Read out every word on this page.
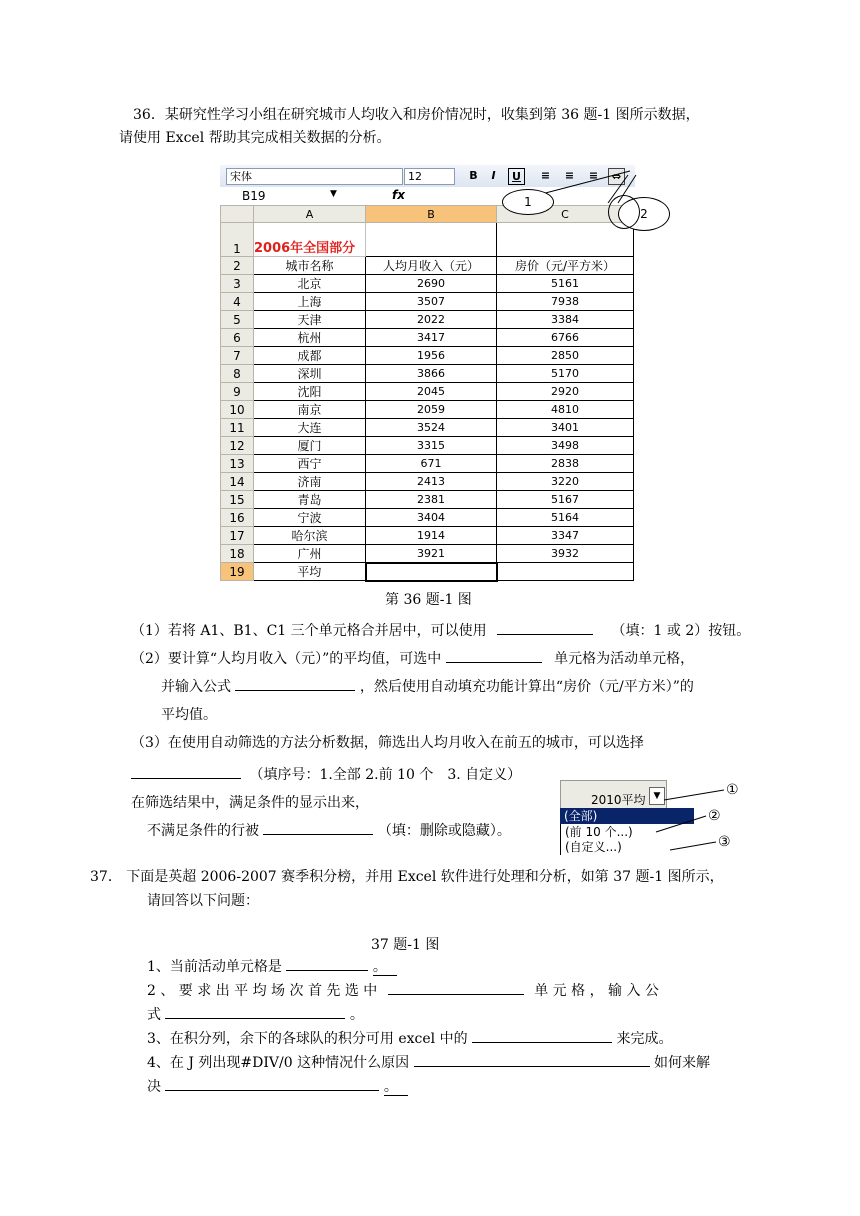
36．某研究性学习小组在研究城市人均收入和房价情况时，收集到第 36 题-1 图所示数据，
请使用 Excel 帮助其完成相关数据的分析。
宋体	12	B	I	U	≡ ≡ ≡	⇔
B19	▼	fx
	A	B	C
1	2006年全国部分		
2	城市名称	人均月收入（元）	房价（元/平方米）
3	北京	2690	5161
4	上海	3507	7938
5	天津	2022	3384
6	杭州	3417	6766
7	成都	1956	2850
8	深圳	3866	5170
9	沈阳	2045	2920
10	南京	2059	4810
11	大连	3524	3401
12	厦门	3315	3498
13	西宁	671	2838
14	济南	2413	3220
15	青岛	2381	5167
16	宁波	3404	5164
17	哈尔滨	1914	3347
18	广州	3921	3932
19	平均		
1
2
第 36 题-1 图
（1）若将 A1、B1、C1 三个单元格合并居中，可以使用	（填：1 或 2）按钮。
（2）要计算“人均月收入（元）”的平均值，可选中	单元格为活动单元格，
并输入公式	，然后使用自动填充功能计算出“房价（元/平方米）”的
平均值。
（3）在使用自动筛选的方法分析数据，筛选出人均月收入在前五的城市，可以选择
（填序号：1.全部 2.前 10 个　3. 自定义）
在筛选结果中，满足条件的显示出来，
不满足条件的行被	（填：删除或隐藏）。
2010平均 ▼
(全部)
(前 10 个...)
(自定义...)
①
②
③
37． 下面是英超 2006-2007 赛季积分榜，并用 Excel 软件进行处理和分析，如第 37 题-1 图所示，
请回答以下问题：
37 题-1 图
1、当前活动单元格是	。
2 、 要 求 出 平 均 场 次 首 先 选 中	单 元 格 ， 输 入 公
式	。
3、在积分列，余下的各球队的积分可用 excel 中的	来完成。
4、在 J 列出现#DIV/0 这种情况什么原因	如何来解
决	。
